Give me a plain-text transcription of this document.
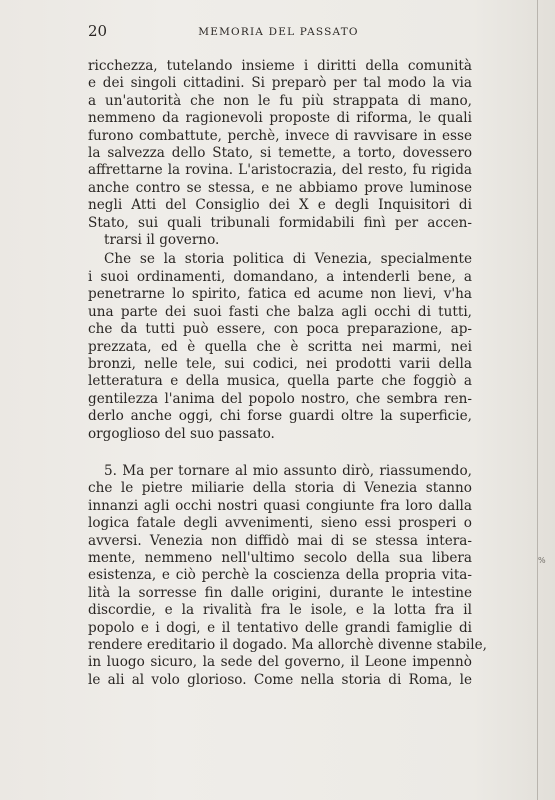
20	MEMORIA DEL PASSATO
ricchezza, tutelando insieme i diritti della comunità
e dei singoli cittadini. Si preparò per tal modo la via
a un'autorità che non le fu più strappata di mano,
nemmeno da ragionevoli proposte di riforma, le quali
furono combattute, perchè, invece di ravvisare in esse
la salvezza dello Stato, si temette, a torto, dovessero
affrettarne la rovina. L'aristocrazia, del resto, fu rigida
anche contro se stessa, e ne abbiamo prove luminose
negli Atti del Consiglio dei X e degli Inquisitori di
Stato, sui quali tribunali formidabili finì per accen-
trarsi il governo.
Che se la storia politica di Venezia, specialmente
i suoi ordinamenti, domandano, a intenderli bene, a
penetrarne lo spirito, fatica ed acume non lievi, v'ha
una parte dei suoi fasti che balza agli occhi di tutti,
che da tutti può essere, con poca preparazione, ap-
prezzata, ed è quella che è scritta nei marmi, nei
bronzi, nelle tele, sui codici, nei prodotti varii della
letteratura e della musica, quella parte che foggiò a
gentilezza l'anima del popolo nostro, che sembra ren-
derlo anche oggi, chi forse guardi oltre la superficie,
orgoglioso del suo passato.
5. Ma per tornare al mio assunto dirò, riassumendo,
che le pietre miliarie della storia di Venezia stanno
innanzi agli occhi nostri quasi congiunte fra loro dalla
logica fatale degli avvenimenti, sieno essi prosperi o
avversi. Venezia non diffidò mai di se stessa intera-
mente, nemmeno nell'ultimo secolo della sua libera
esistenza, e ciò perchè la coscienza della propria vita-
lità la sorresse fin dalle origini, durante le intestine
discordie, e la rivalità fra le isole, e la lotta fra il
popolo e i dogi, e il tentativo delle grandi famiglie di
rendere ereditario il dogado. Ma allorchè divenne stabile,
in luogo sicuro, la sede del governo, il Leone impennò
le ali al volo glorioso. Come nella storia di Roma, le
%
